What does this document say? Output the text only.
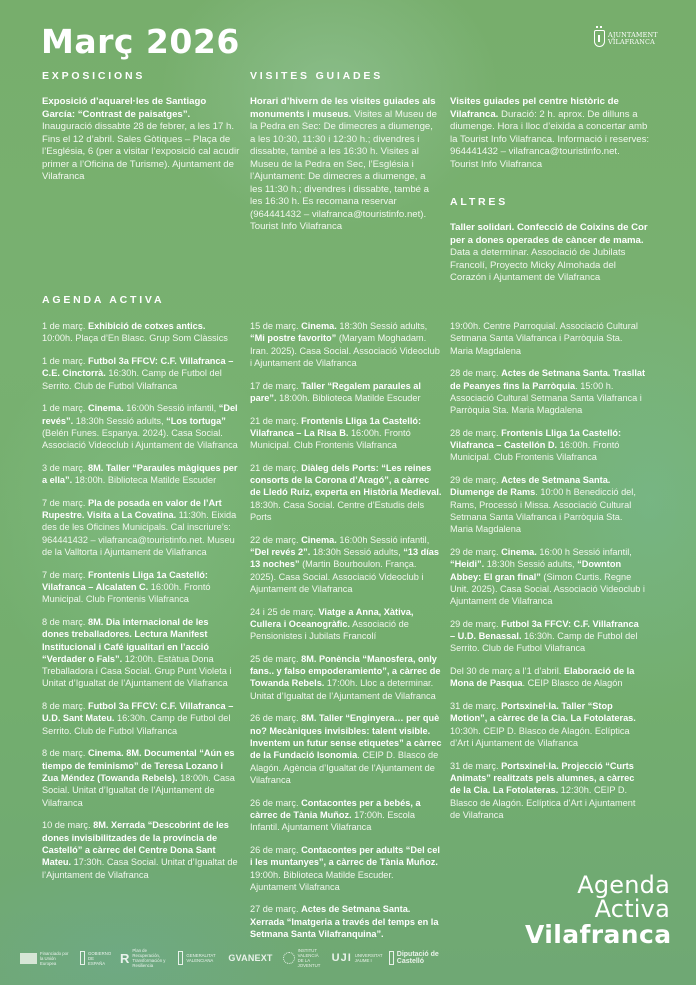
Març 2026	AJUNTAMENT
VILAFRANCA
EXPOSICIONS	VISITES GUIADES
ALTRES
AGENDA ACTIVA

Exposició d’aquarel·les de Santiago García: “Contrast de paisatges”. Inauguració dissabte 28 de febrer, a les 17 h. Fins el 12 d’abril. Sales Gòtiques – Plaça de l’Església, 6 (per a visitar l’exposició cal acudir primer a l’Oficina de Turisme). Ajuntament de Vilafranca

Horari d’hivern de les visites guiades als monuments i museus. Visites al Museu de la Pedra en Sec: De dimecres a diumenge, a les 10:30, 11:30 i 12:30 h.; divendres i dissabte, també a les 16:30 h. Visites al Museu de la Pedra en Sec, l’Església i l’Ajuntament: De dimecres a diumenge, a les 11:30 h.; divendres i dissabte, també a les 16:30 h. Es recomana reservar (964441432 – vilafranca@touristinfo.net). Tourist Info Vilafranca

Visites guiades pel centre històric de Vilafranca. Duració: 2 h. aprox. De dilluns a diumenge. Hora i lloc d’eixida a concertar amb la Tourist Info Vilafranca. Informació i reserves: 964441432 – vilafranca@touristinfo.net. Tourist Info Vilafranca

Taller solidari. Confecció de Coixins de Cor per a dones operades de càncer de mama. Data a determinar. Associació de Jubilats Francolí, Proyecto Micky Almohada del Corazón i Ajuntament de Vilafranca

1 de març. Exhibició de cotxes antics. 10:00h. Plaça d’En Blasc. Grup Som Clàssics

1 de març. Futbol 3a FFCV: C.F. Villafranca – C.E. Cinctorrà. 16:30h. Camp de Futbol del Serrito. Club de Futbol Vilafranca

1 de març. Cinema. 16:00h Sessió infantil, “Del revés”. 18:30h Sessió adults, “Los tortuga” (Belén Funes. Espanya. 2024). Casa Social. Associació Videoclub i Ajuntament de Vilafranca

3 de març. 8M. Taller “Paraules màgiques per a ella”. 18:00h. Biblioteca Matilde Escuder

7 de març. Pla de posada en valor de l’Art Rupestre. Visita a La Covatina. 11:30h. Eixida des de les Oficines Municipals. Cal inscriure’s: 964441432 – vilafranca@touristinfo.net. Museu de la Valltorta i Ajuntament de Vilafranca

7 de març. Frontenis Lliga 1a Castelló: Vilafranca – Alcalaten C. 16:00h. Frontó Municipal. Club Frontenis Vilafranca

8 de març. 8M. Dia internacional de les dones treballadores. Lectura Manifest Institucional i Café igualitari en l’acció “Verdader o Fals”. 12:00h. Estàtua Dona Treballadora i Casa Social. Grup Punt Violeta i Unitat d’Igualtat de l’Ajuntament de Vilafranca

8 de març. Futbol 3a FFCV: C.F. Villafranca – U.D. Sant Mateu. 16:30h. Camp de Futbol del Serrito. Club de Futbol Vilafranca

8 de març. Cinema. 8M. Documental “Aún es tiempo de feminismo” de Teresa Lozano i Zua Méndez (Towanda Rebels). 18:00h. Casa Social. Unitat d’Igualtat de l’Ajuntament de Vilafranca

10 de març. 8M. Xerrada “Descobrint de les dones invisibilitzades de la província de Castelló” a càrrec del Centre Dona Sant Mateu. 17:30h. Casa Social. Unitat d’Igualtat de l’Ajuntament de Vilafranca

15 de març. Cinema. 18:30h Sessió adults, “Mi postre favorito” (Maryam Moghadam. Iran. 2025). Casa Social. Associació Videoclub i Ajuntament de Vilafranca

17 de març. Taller “Regalem paraules al pare”. 18:00h. Biblioteca Matilde Escuder

21 de març. Frontenis Lliga 1a Castelló: Vilafranca – La Risa B. 16:00h. Frontó Municipal. Club Frontenis Vilafranca

21 de març. Diàleg dels Ports: “Les reines consorts de la Corona d’Aragó”, a càrrec de Lledó Ruiz, experta en Història Medieval. 18:30h. Casa Social. Centre d’Estudis dels Ports

22 de març. Cinema. 16:00h Sessió infantil, “Del revés 2”. 18:30h Sessió adults, “13 días 13 noches” (Martin Bourboulon. França. 2025). Casa Social. Associació Videoclub i Ajuntament de Vilafranca

24 i 25 de març. Viatge a Anna, Xàtiva, Cullera i Oceanogràfic. Associació de Pensionistes i Jubilats Francolí

25 de març. 8M. Ponència “Manosfera, only fans.. y falso empoderamiento”, a càrrec de Towanda Rebels. 17:00h. Lloc a determinar. Unitat d’Igualtat de l’Ajuntament de Vilafranca

26 de març. 8M. Taller “Enginyera… per què no? Mecàniques invisibles: talent visible. Inventem un futur sense etiquetes” a càrrec de la Fundació Isonomia. CEIP D. Blasco de Alagón. Agència d’Igualtat de l’Ajuntament de Vilafranca

26 de març. Contacontes per a bebés, a càrrec de Tània Muñoz. 17:00h. Escola Infantil. Ajuntament Vilafranca

26 de març. Contacontes per adults “Del cel i les muntanyes”, a càrrec de Tània Muñoz. 19:00h. Biblioteca Matilde Escuder. Ajuntament Vilafranca

27 de març. Actes de Setmana Santa. Xerrada “Imatgeria a través del temps en la Setmana Santa Vilafranquina”.

19:00h. Centre Parroquial. Associació Cultural Setmana Santa Vilafranca i Parròquia Sta. Maria Magdalena

28 de març. Actes de Setmana Santa. Trasllat de Peanyes fins la Parròquia. 15:00 h. Associació Cultural Setmana Santa Vilafranca i Parròquia Sta. Maria Magdalena

28 de març. Frontenis Lliga 1a Castelló: Vilafranca – Castellón D. 16:00h. Frontó Municipal. Club Frontenis Vilafranca

29 de març. Actes de Setmana Santa. Diumenge de Rams. 10:00 h Benedicció del, Rams, Processó i Missa. Associació Cultural Setmana Santa Vilafranca i Parròquia Sta. Maria Magdalena

29 de març. Cinema. 16:00 h Sessió infantil, “Heidi”. 18:30h Sessió adults, “Downton Abbey: El gran final” (Simon Curtis. Regne Unit. 2025). Casa Social. Associació Videoclub i Ajuntament de Vilafranca

29 de març. Futbol 3a FFCV: C.F. Villafranca – U.D. Benassal. 16:30h. Camp de Futbol del Serrito. Club de Futbol Vilafranca

Del 30 de març a l’1 d’abril. Elaboració de la Mona de Pasqua. CEIP Blasco de Alagón

31 de març. Portsxinel·la. Taller “Stop Motion”, a càrrec de la Cia. La Fotolateras. 10:30h. CEIP D. Blasco de Alagón. Eclíptica d’Art i Ajuntament de Vilafranca

31 de març. Portsxinel·la. Projecció “Curts Animats” realitzats pels alumnes, a càrrec de la Cia. La Fotolateras. 12:30h. CEIP D. Blasco de Alagón. Eclíptica d’Art i Ajuntament de Vilafranca

Agenda
Activa
Vilafranca
Financiado por la Unión Europea
GOBIERNO DE ESPAÑA	R Plan de Recuperación, Transformación y Resiliencia
GENERALITAT VALENCIANA	GVANEXT
INSTITUT VALENCIÀ DE LA JOVENTUT
UJI UNIVERSITAT JAUME I
Diputació de Castelló
